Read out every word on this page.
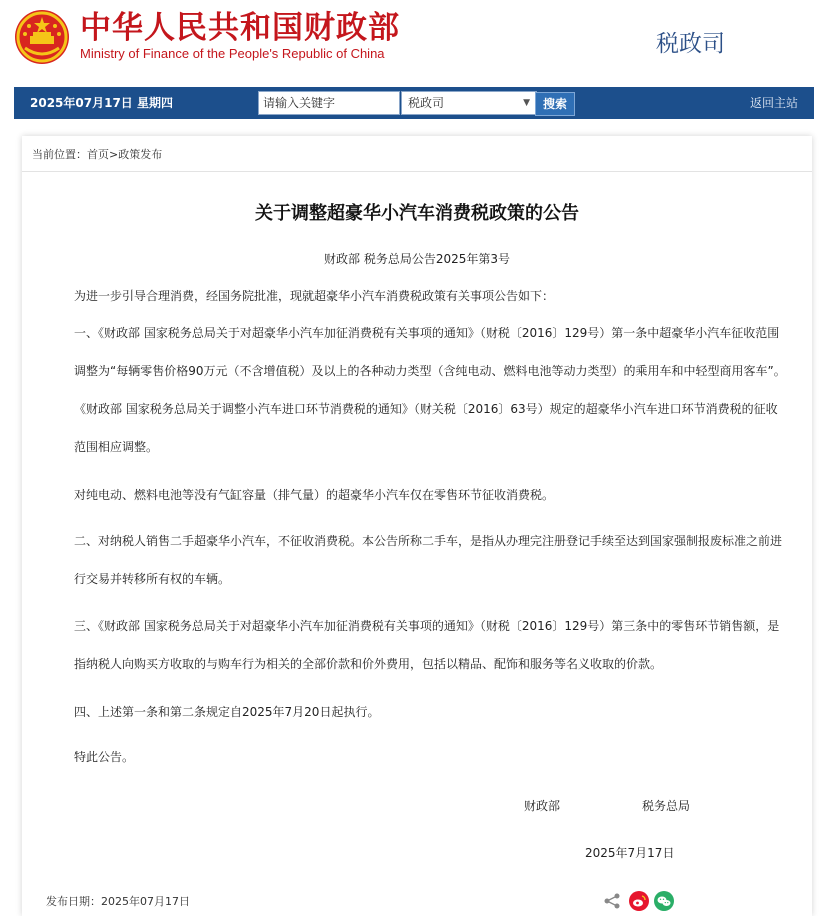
中华人民共和国财政部
Ministry of Finance of the People's Republic of China	税政司
2025年07月17日 星期四	请输入关键字	税政司	▼	搜索	返回主站
当前位置：首页>政策发布
关于调整超豪华小汽车消费税政策的公告
财政部 税务总局公告2025年第3号
为进一步引导合理消费，经国务院批准，现就超豪华小汽车消费税政策有关事项公告如下：
一、《财政部 国家税务总局关于对超豪华小汽车加征消费税有关事项的通知》（财税〔2016〕129号）第一条中超豪华小汽车征收范围调整为“每辆零售价格90万元（不含增值税）及以上的各种动力类型（含纯电动、燃料电池等动力类型）的乘用车和中轻型商用客车”。《财政部 国家税务总局关于调整小汽车进口环节消费税的通知》（财关税〔2016〕63号）规定的超豪华小汽车进口环节消费税的征收范围相应调整。
对纯电动、燃料电池等没有气缸容量（排气量）的超豪华小汽车仅在零售环节征收消费税。
二、对纳税人销售二手超豪华小汽车，不征收消费税。本公告所称二手车，是指从办理完注册登记手续至达到国家强制报废标准之前进行交易并转移所有权的车辆。
三、《财政部 国家税务总局关于对超豪华小汽车加征消费税有关事项的通知》（财税〔2016〕129号）第三条中的零售环节销售额，是指纳税人向购买方收取的与购车行为相关的全部价款和价外费用，包括以精品、配饰和服务等名义收取的价款。
四、上述第一条和第二条规定自2025年7月20日起执行。
特此公告。
财政部	税务总局
2025年7月17日
发布日期：2025年07月17日
